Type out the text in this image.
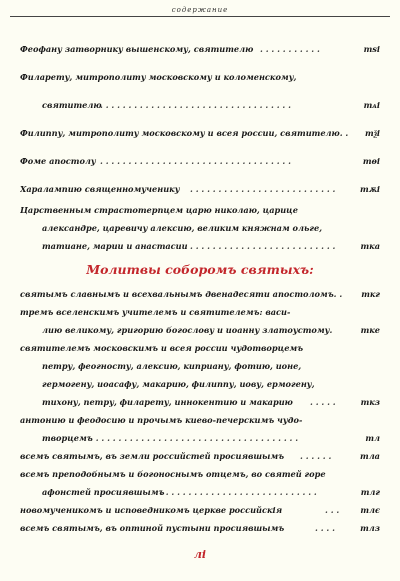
содержание
Феофану затворнику вышенскому, святителю . . . . . . . . . . .	тѕі
Филарету, митрополиту московскому и коломенскому,
святителю
. . . . . . . . . . . . . . . . . . . . . . . . . . . . . . . . . .	тѧі
Филиппу, митрополиту московскому и всея россии, святителю. . тѯі
Фоме апостолу . . . . . . . . . . . . . . . . . . . . . . . . . . . . . . . . . .	тѳі
Харалампию священномученику . . . . . . . . . . . . . . . . . . . . . . . . . .	тѫі
Царственным страстотерпцем царю николаю, царице
александре, царевичу алексию, великим княжнам ольге,
татиане, марии и анастасии . . . . . . . . . . . . . . . . . . . . . . . . . .	тка
Молитвы соборомъ святыхъ:
святымъ славнымъ и всехвальнымъ двенадесяти апостоломъ. . ткг
тремъ вселенскимъ учителемъ и святителемъ: васи-
лию великому, григорию богослову и иоанну златоустому.	тке
святителемъ московскимъ и всея россии чудотворцемъ
петру, феогносту, алексию, киприану, фотию, ионе,
гермогену, иоасафу, макарию, филиппу, иову, ермогену,
тихону, петру, филарету, иннокентию и макарию . . . . .	ткз
антонию и феодосию и прочымъ киево-печерскимъ чудо-
творцемъ
. . . . . . . . . . . . . . . . . . . . . . . . . . . . . . . . . . . . .	тл
всемъ святымъ, въ земли российстей просиявшымъ . . . . . .	тла
всемъ преподобнымъ и богоноснымъ отцемъ, во святей горе
афонстей просиявшымъ
. . . . . . . . . . . . . . . . . . . . . . . . . . . .	тлг
новомученикомъ и исповедникомъ церкве российскія	. . .	тлє
всемъ святымъ, въ оптиной пустыни просиявшымъ	. . . .	тлз
лі
